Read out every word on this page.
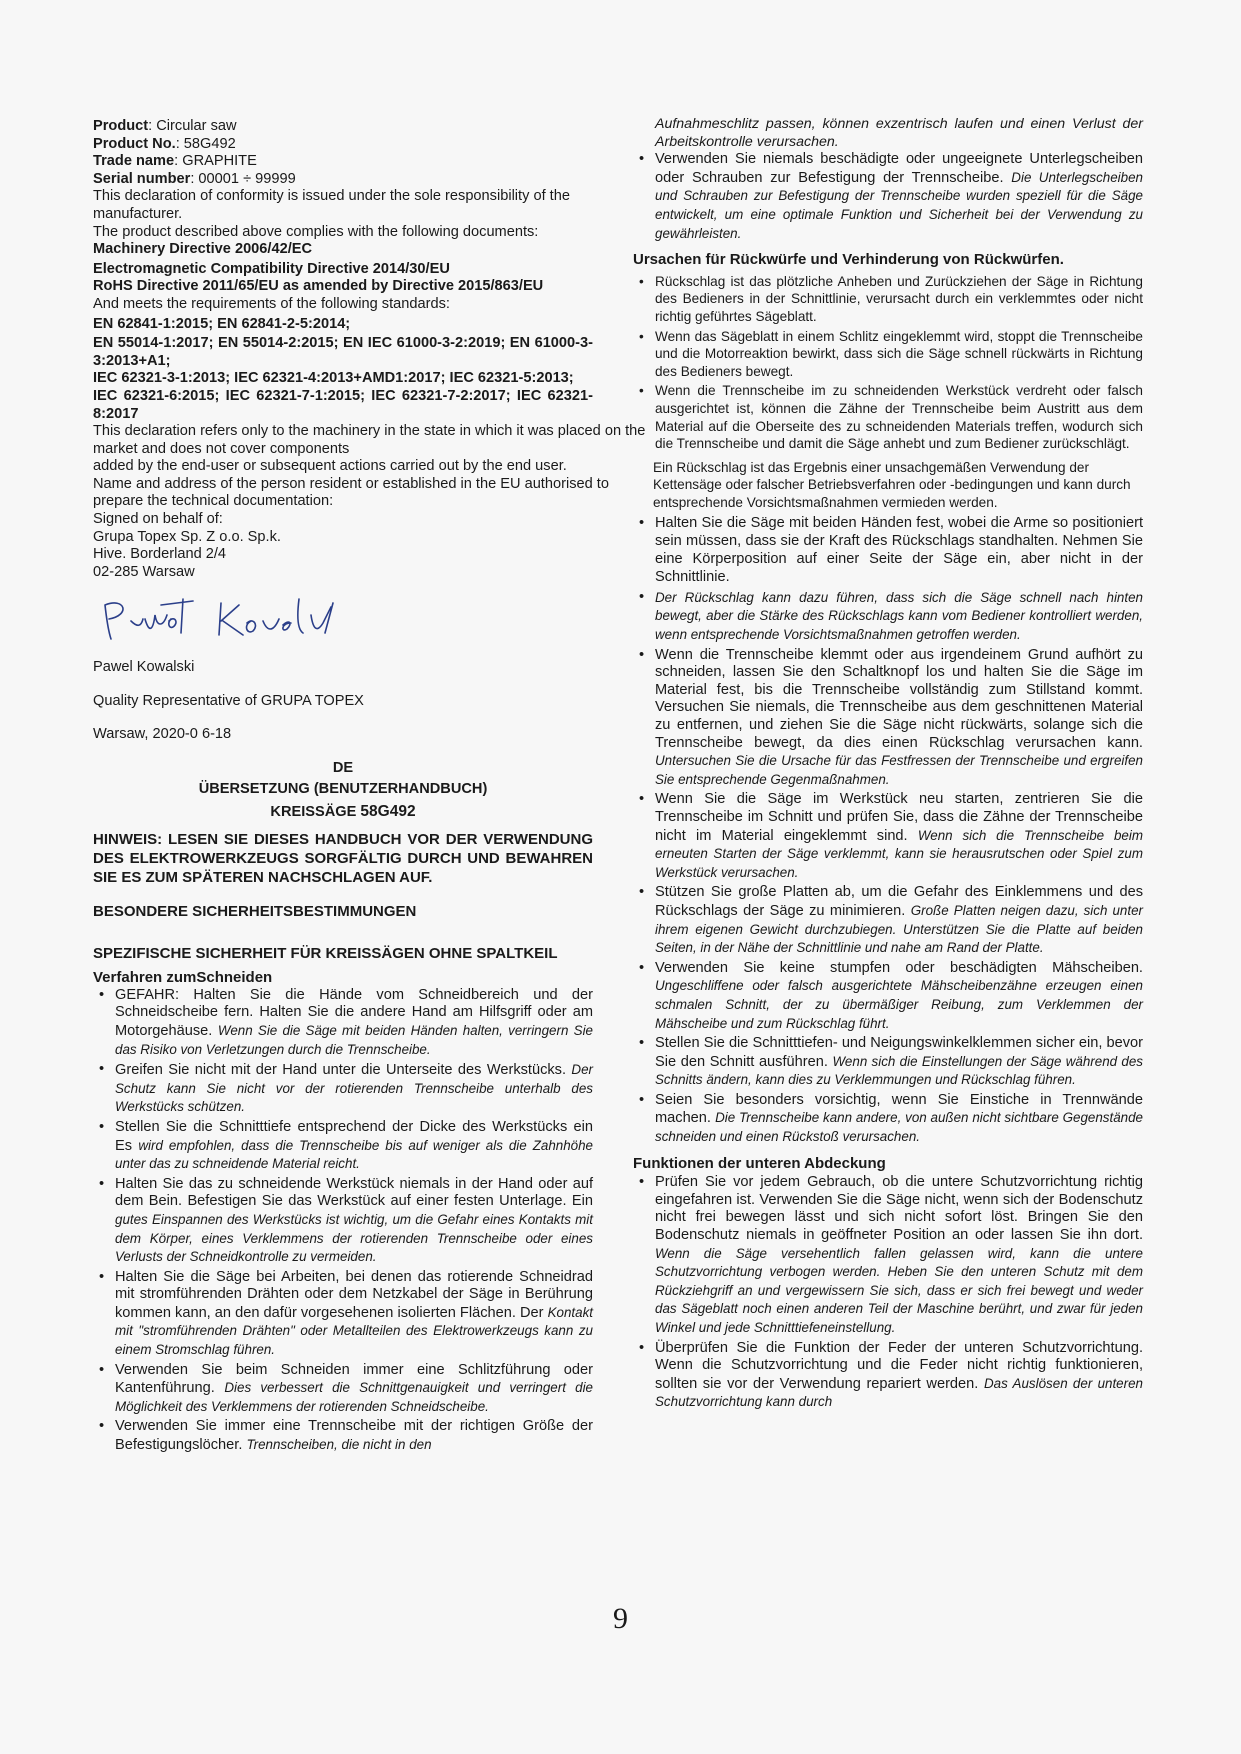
Product: Circular saw

Product No.: 58G492

Trade name: GRAPHITE

Serial number: 00001 ÷ 99999

This declaration of conformity is issued under the sole responsibility of the manufacturer.

The product described above complies with the following documents:

Machinery Directive 2006/42/EC

Electromagnetic Compatibility Directive 2014/30/EU

RoHS Directive 2011/65/EU as amended by Directive 2015/863/EU

And meets the requirements of the following standards:

EN 62841-1:2015; EN 62841-2-5:2014;

EN 55014-1:2017; EN 55014-2:2015; EN IEC 61000-3-2:2019; EN 61000-3-3:2013+A1;

IEC 62321-3-1:2013; IEC 62321-4:2013+AMD1:2017; IEC 62321-5:2013;

IEC 62321-6:2015; IEC 62321-7-1:2015; IEC 62321-7-2:2017; IEC 62321-8:2017

This declaration refers only to the machinery in the state in which it was placed on the market and does not cover components

added by the end-user or subsequent actions carried out by the end user.

Name and address of the person resident or established in the EU authorised to prepare the technical documentation:

Signed on behalf of:

Grupa Topex Sp. Z o.o. Sp.k.

Hive. Borderland 2/4

02-285 Warsaw

Pawel Kowalski

Quality Representative of GRUPA TOPEX

Warsaw, 2020-0 6-18

DE

ÜBERSETZUNG (BENUTZERHANDBUCH)

KREISSÄGE 58G492

HINWEIS: LESEN SIE DIESES HANDBUCH VOR DER VERWENDUNG DES ELEKTROWERKZEUGS SORGFÄLTIG DURCH UND BEWAHREN SIE ES ZUM SPÄTEREN NACHSCHLAGEN AUF.

BESONDERE SICHERHEITSBESTIMMUNGEN

SPEZIFISCHE SICHERHEIT FÜR KREISSÄGEN OHNE SPALTKEIL

Verfahren zumSchneiden

• GEFAHR: Halten Sie die Hände vom Schneidbereich und der Schneidscheibe fern. Halten Sie die andere Hand am Hilfsgriff oder am Motorgehäuse. Wenn Sie die Säge mit beiden Händen halten, verringern Sie das Risiko von Verletzungen durch die Trennscheibe.
• Greifen Sie nicht mit der Hand unter die Unterseite des Werkstücks. Der Schutz kann Sie nicht vor der rotierenden Trennscheibe unterhalb des Werkstücks schützen.
• Stellen Sie die Schnitttiefe entsprechend der Dicke des Werkstücks ein Es wird empfohlen, dass die Trennscheibe bis auf weniger als die Zahnhöhe unter das zu schneidende Material reicht.
• Halten Sie das zu schneidende Werkstück niemals in der Hand oder auf dem Bein. Befestigen Sie das Werkstück auf einer festen Unterlage. Ein gutes Einspannen des Werkstücks ist wichtig, um die Gefahr eines Kontakts mit dem Körper, eines Verklemmens der rotierenden Trennscheibe oder eines Verlusts der Schneidkontrolle zu vermeiden.
• Halten Sie die Säge bei Arbeiten, bei denen das rotierende Schneidrad mit stromführenden Drähten oder dem Netzkabel der Säge in Berührung kommen kann, an den dafür vorgesehenen isolierten Flächen. Der Kontakt mit "stromführenden Drähten" oder Metallteilen des Elektrowerkzeugs kann zu einem Stromschlag führen.
• Verwenden Sie beim Schneiden immer eine Schlitzführung oder Kantenführung. Dies verbessert die Schnittgenauigkeit und verringert die Möglichkeit des Verklemmens der rotierenden Schneidscheibe.
• Verwenden Sie immer eine Trennscheibe mit der richtigen Größe der Befestigungslöcher. Trennscheiben, die nicht in den

Aufnahmeschlitz passen, können exzentrisch laufen und einen Verlust der Arbeitskontrolle verursachen.

• Verwenden Sie niemals beschädigte oder ungeeignete Unterlegscheiben oder Schrauben zur Befestigung der Trennscheibe. Die Unterlegscheiben und Schrauben zur Befestigung der Trennscheibe wurden speziell für die Säge entwickelt, um eine optimale Funktion und Sicherheit bei der Verwendung zu gewährleisten.

Ursachen für Rückwürfe und Verhinderung von Rückwürfen.

• Rückschlag ist das plötzliche Anheben und Zurückziehen der Säge in Richtung des Bedieners in der Schnittlinie, verursacht durch ein verklemmtes oder nicht richtig geführtes Sägeblatt.
• Wenn das Sägeblatt in einem Schlitz eingeklemmt wird, stoppt die Trennscheibe und die Motorreaktion bewirkt, dass sich die Säge schnell rückwärts in Richtung des Bedieners bewegt.
• Wenn die Trennscheibe im zu schneidenden Werkstück verdreht oder falsch ausgerichtet ist, können die Zähne der Trennscheibe beim Austritt aus dem Material auf die Oberseite des zu schneidenden Materials treffen, wodurch sich die Trennscheibe und damit die Säge anhebt und zum Bediener zurückschlägt.

Ein Rückschlag ist das Ergebnis einer unsachgemäßen Verwendung der Kettensäge oder falscher Betriebsverfahren oder -bedingungen und kann durch entsprechende Vorsichtsmaßnahmen vermieden werden.

• Halten Sie die Säge mit beiden Händen fest, wobei die Arme so positioniert sein müssen, dass sie der Kraft des Rückschlags standhalten. Nehmen Sie eine Körperposition auf einer Seite der Säge ein, aber nicht in der Schnittlinie.
• Der Rückschlag kann dazu führen, dass sich die Säge schnell nach hinten bewegt, aber die Stärke des Rückschlags kann vom Bediener kontrolliert werden, wenn entsprechende Vorsichtsmaßnahmen getroffen werden.
• Wenn die Trennscheibe klemmt oder aus irgendeinem Grund aufhört zu schneiden, lassen Sie den Schaltknopf los und halten Sie die Säge im Material fest, bis die Trennscheibe vollständig zum Stillstand kommt. Versuchen Sie niemals, die Trennscheibe aus dem geschnittenen Material zu entfernen, und ziehen Sie die Säge nicht rückwärts, solange sich die Trennscheibe bewegt, da dies einen Rückschlag verursachen kann. Untersuchen Sie die Ursache für das Festfressen der Trennscheibe und ergreifen Sie entsprechende Gegenmaßnahmen.
• Wenn Sie die Säge im Werkstück neu starten, zentrieren Sie die Trennscheibe im Schnitt und prüfen Sie, dass die Zähne der Trennscheibe nicht im Material eingeklemmt sind. Wenn sich die Trennscheibe beim erneuten Starten der Säge verklemmt, kann sie herausrutschen oder Spiel zum Werkstück verursachen.
• Stützen Sie große Platten ab, um die Gefahr des Einklemmens und des Rückschlags der Säge zu minimieren. Große Platten neigen dazu, sich unter ihrem eigenen Gewicht durchzubiegen. Unterstützen Sie die Platte auf beiden Seiten, in der Nähe der Schnittlinie und nahe am Rand der Platte.
• Verwenden Sie keine stumpfen oder beschädigten Mähscheiben. Ungeschliffene oder falsch ausgerichtete Mähscheibenzähne erzeugen einen schmalen Schnitt, der zu übermäßiger Reibung, zum Verklemmen der Mähscheibe und zum Rückschlag führt.
• Stellen Sie die Schnitttiefen- und Neigungswinkelklemmen sicher ein, bevor Sie den Schnitt ausführen. Wenn sich die Einstellungen der Säge während des Schnitts ändern, kann dies zu Verklemmungen und Rückschlag führen.
• Seien Sie besonders vorsichtig, wenn Sie Einstiche in Trennwände machen. Die Trennscheibe kann andere, von außen nicht sichtbare Gegenstände schneiden und einen Rückstoß verursachen.

Funktionen der unteren Abdeckung

• Prüfen Sie vor jedem Gebrauch, ob die untere Schutzvorrichtung richtig eingefahren ist. Verwenden Sie die Säge nicht, wenn sich der Bodenschutz nicht frei bewegen lässt und sich nicht sofort löst. Bringen Sie den Bodenschutz niemals in geöffneter Position an oder lassen Sie ihn dort. Wenn die Säge versehentlich fallen gelassen wird, kann die untere Schutzvorrichtung verbogen werden. Heben Sie den unteren Schutz mit dem Rückziehgriff an und vergewissern Sie sich, dass er sich frei bewegt und weder das Sägeblatt noch einen anderen Teil der Maschine berührt, und zwar für jeden Winkel und jede Schnitttiefeneinstellung.
• Überprüfen Sie die Funktion der Feder der unteren Schutzvorrichtung. Wenn die Schutzvorrichtung und die Feder nicht richtig funktionieren, sollten sie vor der Verwendung repariert werden. Das Auslösen der unteren Schutzvorrichtung kann durch
9
